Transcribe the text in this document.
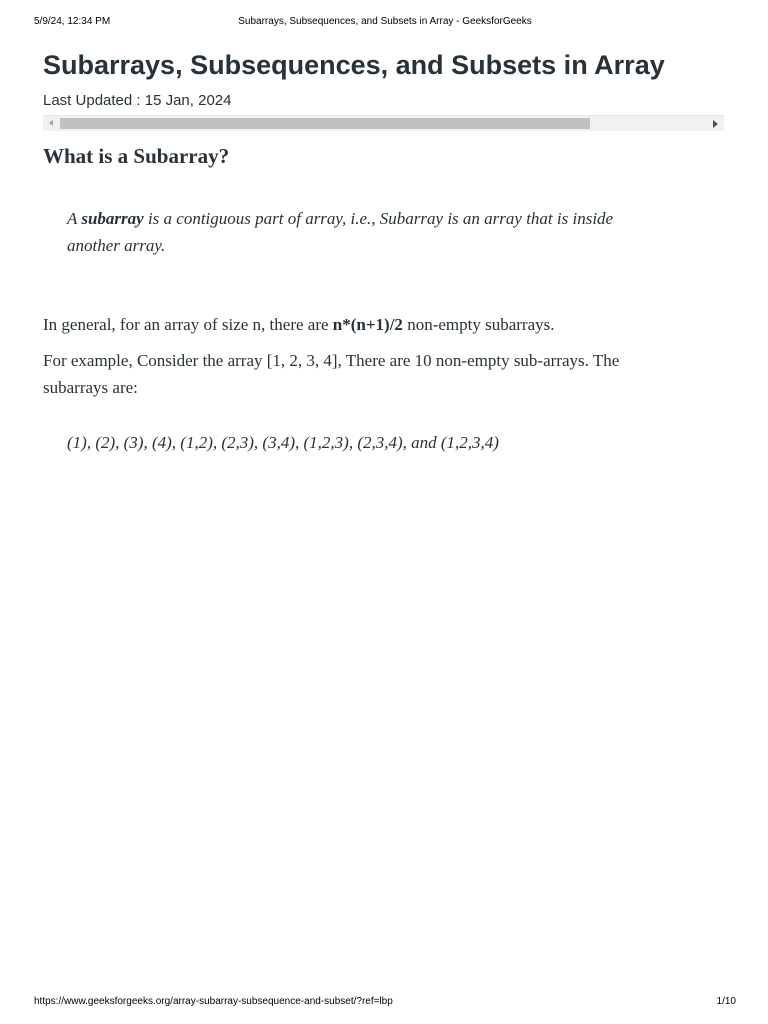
5/9/24, 12:34 PM	Subarrays, Subsequences, and Subsets in Array - GeeksforGeeks
Subarrays, Subsequences, and Subsets in Array
Last Updated : 15 Jan, 2024
What is a Subarray?

A subarray is a contiguous part of array, i.e., Subarray is an array that is inside another array.

In general, for an array of size n, there are n*(n+1)/2 non-empty subarrays.

For example, Consider the array [1, 2, 3, 4], There are 10 non-empty sub-arrays. The subarrays are:

(1), (2), (3), (4), (1,2), (2,3), (3,4), (1,2,3), (2,3,4), and (1,2,3,4)

https://www.geeksforgeeks.org/array-subarray-subsequence-and-subset/?ref=lbp	1/10
